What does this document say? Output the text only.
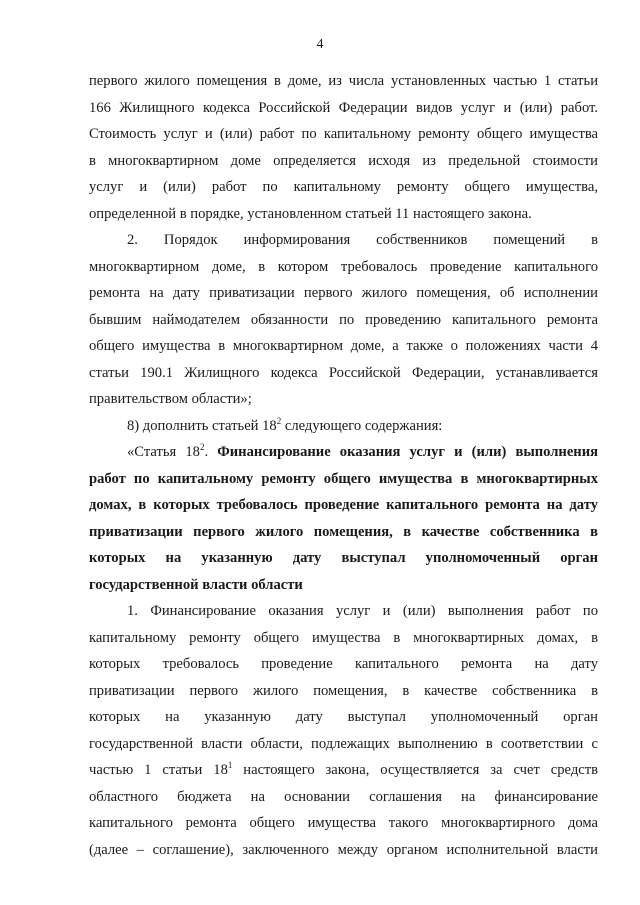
4
первого жилого помещения в доме, из числа установленных частью 1 статьи
166 Жилищного кодекса Российской Федерации видов услуг и (или) работ.
Стоимость услуг и (или) работ по капитальному ремонту общего имущества
в многоквартирном доме определяется исходя из предельной стоимости
услуг и (или) работ по капитальному ремонту общего имущества,
определенной в порядке, установленном статьей 11 настоящего закона.
2. Порядок информирования собственников помещений в
многоквартирном доме, в котором требовалось проведение капитального
ремонта на дату приватизации первого жилого помещения, об исполнении
бывшим наймодателем обязанности по проведению капитального ремонта
общего имущества в многоквартирном доме, а также о положениях части 4
статьи 190.1 Жилищного кодекса Российской Федерации, устанавливается
правительством области»;
8) дополнить статьей $18^2$ следующего содержания:
«Статья $18^2$. Финансирование оказания услуг и (или) выполнения
работ по капитальному ремонту общего имущества в многоквартирных
домах, в которых требовалось проведение капитального ремонта на дату
приватизации первого жилого помещения, в качестве собственника в
которых на указанную дату выступал уполномоченный орган
государственной власти области
1. Финансирование оказания услуг и (или) выполнения работ по
капитальному ремонту общего имущества в многоквартирных домах, в
которых требовалось проведение капитального ремонта на дату
приватизации первого жилого помещения, в качестве собственника в
которых на указанную дату выступал уполномоченный орган
государственной власти области, подлежащих выполнению в соответствии с
частью 1 статьи $18^1$ настоящего закона, осуществляется за счет средств
областного бюджета на основании соглашения на финансирование
капитального ремонта общего имущества такого многоквартирного дома
(далее – соглашение), заключенного между органом исполнительной власти
